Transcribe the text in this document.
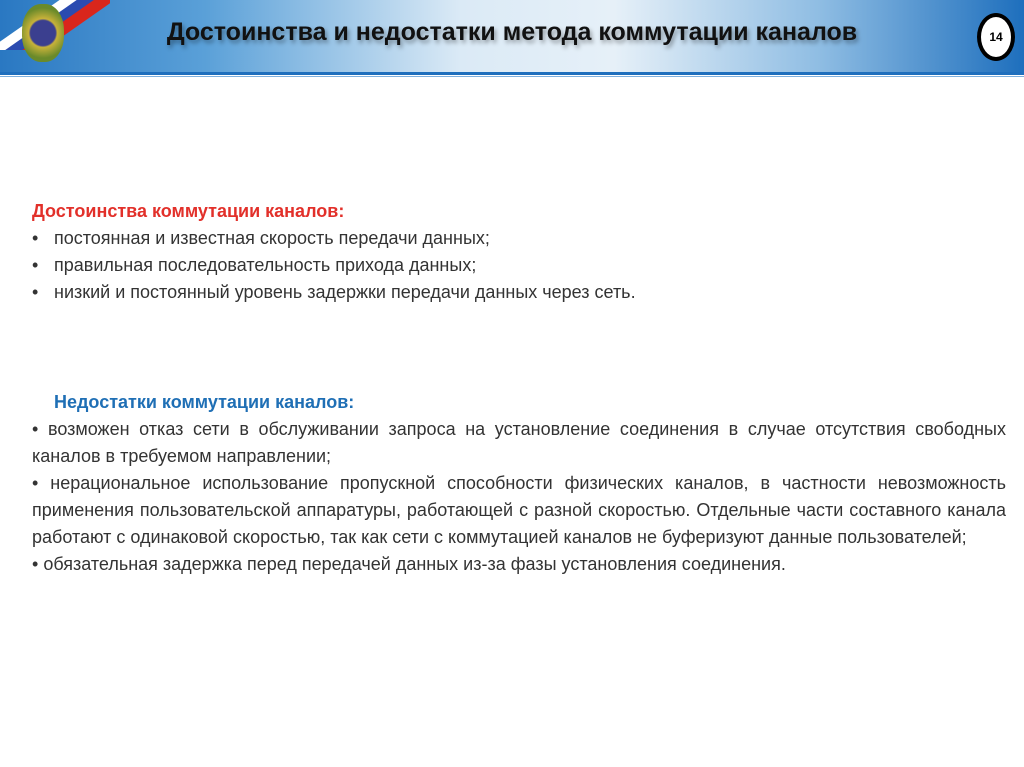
Достоинства и недостатки метода коммутации каналов	14
Достоинства коммутации каналов:
• постоянная и известная скорость передачи данных;
• правильная последовательность прихода данных;
• низкий и постоянный уровень задержки передачи данных через сеть.
Недостатки коммутации каналов:
• возможен отказ сети в обслуживании запроса на установление соединения в случае отсутствия свободных каналов в требуемом направлении;
• нерациональное использование пропускной способности физических каналов, в частности невозможность применения пользовательской аппаратуры, работающей с разной скоростью. Отдельные части составного канала работают с одинаковой скоростью, так как сети с коммутацией каналов не буферизуют данные пользователей;
• обязательная задержка перед передачей данных из-за фазы установления соединения.
